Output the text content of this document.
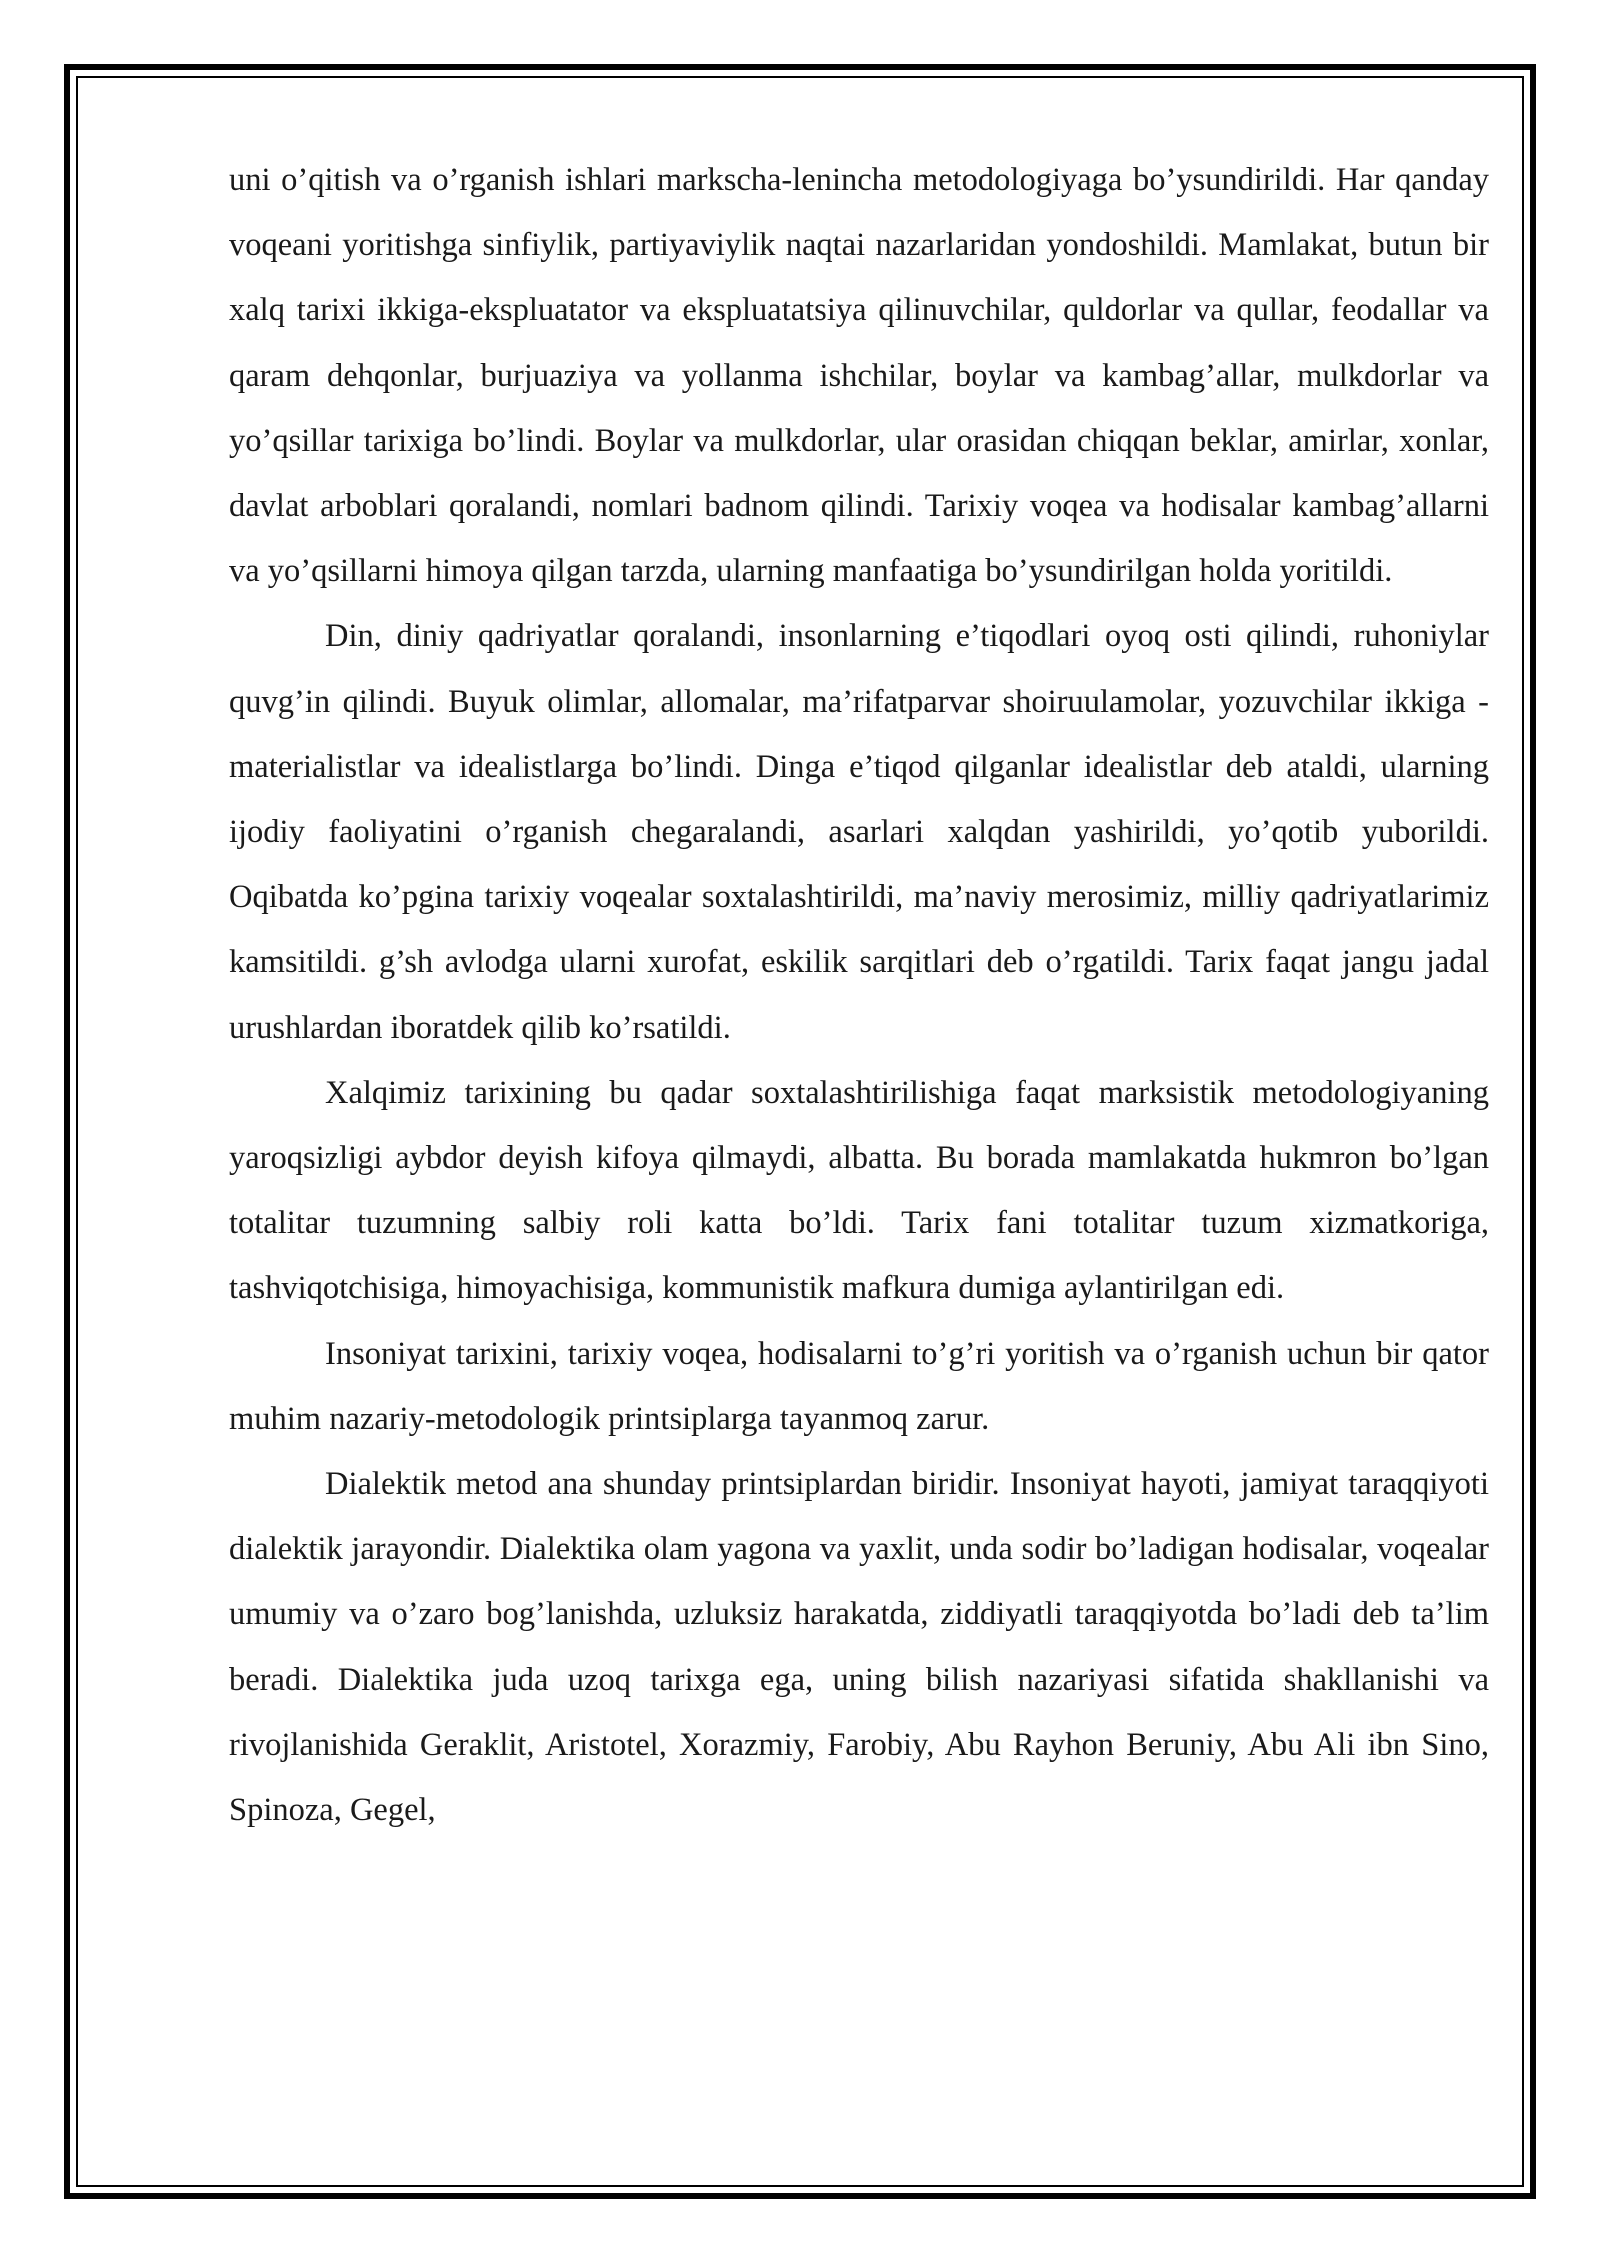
uni o’qitish va o’rganish ishlari markscha-lenincha metodologiyaga bo’ysundirildi. Har qanday voqeani yoritishga sinfiylik, partiyaviylik naqtai nazarlaridan yondoshildi. Mamlakat, butun bir xalq tarixi ikkiga-ekspluatator va ekspluatatsiya qilinuvchilar, quldorlar va qullar, feodallar va qaram dehqonlar, burjuaziya va yollanma ishchilar, boylar va kambag’allar, mulkdorlar va yo’qsillar tarixiga bo’lindi. Boylar va mulkdorlar, ular orasidan chiqqan beklar, amirlar, xonlar, davlat arboblari qoralandi, nomlari badnom qilindi. Tarixiy voqea va hodisalar kambag’allarni va yo’qsillarni himoya qilgan tarzda, ularning manfaatiga bo’ysundirilgan holda yoritildi.

Din, diniy qadriyatlar qoralandi, insonlarning e’tiqodlari oyoq osti qilindi, ruhoniylar quvg’in qilindi. Buyuk olimlar, allomalar, ma’rifatparvar shoiruulamolar, yozuvchilar ikkiga - materialistlar va idealistlarga bo’lindi. Dinga e’tiqod qilganlar idealistlar deb ataldi, ularning ijodiy faoliyatini o’rganish chegaralandi, asarlari xalqdan yashirildi, yo’qotib yuborildi. Oqibatda ko’pgina tarixiy voqealar soxtalashtirildi, ma’naviy merosimiz, milliy qadriyatlarimiz kamsitildi. g’sh avlodga ularni xurofat, eskilik sarqitlari deb o’rgatildi. Tarix faqat jangu jadal urushlardan iboratdek qilib ko’rsatildi.

Xalqimiz tarixining bu qadar soxtalashtirilishiga faqat marksistik metodologiyaning yaroqsizligi aybdor deyish kifoya qilmaydi, albatta. Bu borada mamlakatda hukmron bo’lgan totalitar tuzumning salbiy roli katta bo’ldi. Tarix fani totalitar tuzum xizmatkoriga, tashviqotchisiga, himoyachisiga, kommunistik mafkura dumiga aylantirilgan edi.

Insoniyat tarixini, tarixiy voqea, hodisalarni to’g’ri yoritish va o’rganish uchun bir qator muhim nazariy-metodologik printsiplarga tayanmoq zarur.

Dialektik metod ana shunday printsiplardan biridir. Insoniyat hayoti, jamiyat taraqqiyoti dialektik jarayondir. Dialektika olam yagona va yaxlit, unda sodir bo’ladigan hodisalar, voqealar umumiy va o’zaro bog’lanishda, uzluksiz harakatda, ziddiyatli taraqqiyotda bo’ladi deb ta’lim beradi. Dialektika juda uzoq tarixga ega, uning bilish nazariyasi sifatida shakllanishi va rivojlanishida Geraklit, Aristotel, Xorazmiy, Farobiy, Abu Rayhon Beruniy, Abu Ali ibn Sino, Spinoza, Gegel,
